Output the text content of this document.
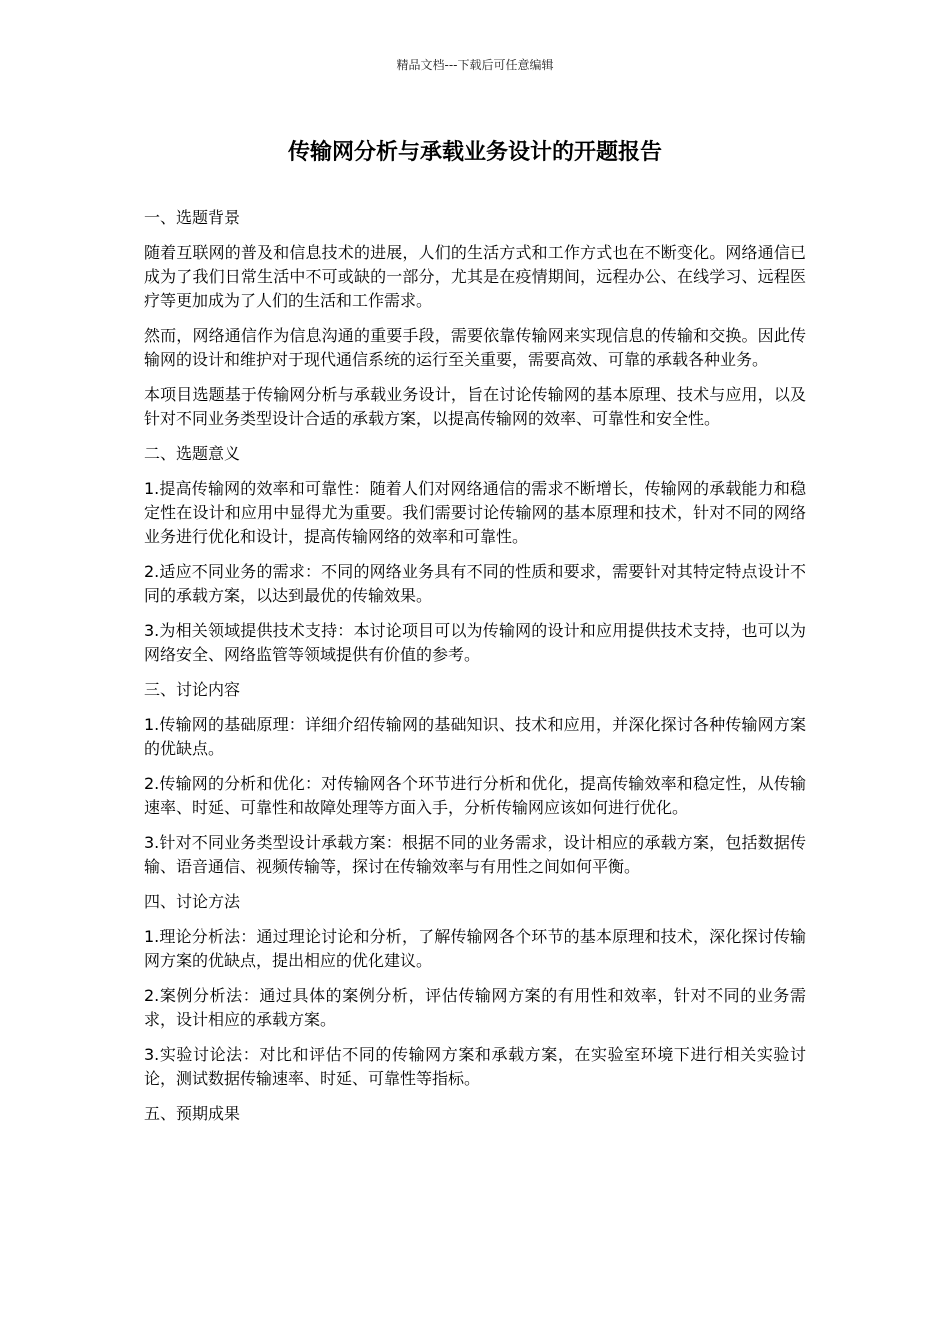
精品文档---下载后可任意编辑
传输网分析与承载业务设计的开题报告

一、选题背景

随着互联网的普及和信息技术的进展，人们的生活方式和工作方式也在不断变化。网络通信已成为了我们日常生活中不可或缺的一部分，尤其是在疫情期间，远程办公、在线学习、远程医疗等更加成为了人们的生活和工作需求。

然而，网络通信作为信息沟通的重要手段，需要依靠传输网来实现信息的传输和交换。因此传输网的设计和维护对于现代通信系统的运行至关重要，需要高效、可靠的承载各种业务。

本项目选题基于传输网分析与承载业务设计，旨在讨论传输网的基本原理、技术与应用，以及针对不同业务类型设计合适的承载方案，以提高传输网的效率、可靠性和安全性。

二、选题意义

1.提高传输网的效率和可靠性：随着人们对网络通信的需求不断增长，传输网的承载能力和稳定性在设计和应用中显得尤为重要。我们需要讨论传输网的基本原理和技术，针对不同的网络业务进行优化和设计，提高传输网络的效率和可靠性。

2.适应不同业务的需求：不同的网络业务具有不同的性质和要求，需要针对其特定特点设计不同的承载方案，以达到最优的传输效果。

3.为相关领域提供技术支持：本讨论项目可以为传输网的设计和应用提供技术支持，也可以为网络安全、网络监管等领域提供有价值的参考。

三、讨论内容

1.传输网的基础原理：详细介绍传输网的基础知识、技术和应用，并深化探讨各种传输网方案的优缺点。

2.传输网的分析和优化：对传输网各个环节进行分析和优化，提高传输效率和稳定性，从传输速率、时延、可靠性和故障处理等方面入手，分析传输网应该如何进行优化。

3.针对不同业务类型设计承载方案：根据不同的业务需求，设计相应的承载方案，包括数据传输、语音通信、视频传输等，探讨在传输效率与有用性之间如何平衡。

四、讨论方法

1.理论分析法：通过理论讨论和分析，了解传输网各个环节的基本原理和技术，深化探讨传输网方案的优缺点，提出相应的优化建议。

2.案例分析法：通过具体的案例分析，评估传输网方案的有用性和效率，针对不同的业务需求，设计相应的承载方案。

3.实验讨论法：对比和评估不同的传输网方案和承载方案，在实验室环境下进行相关实验讨论，测试数据传输速率、时延、可靠性等指标。

五、预期成果
